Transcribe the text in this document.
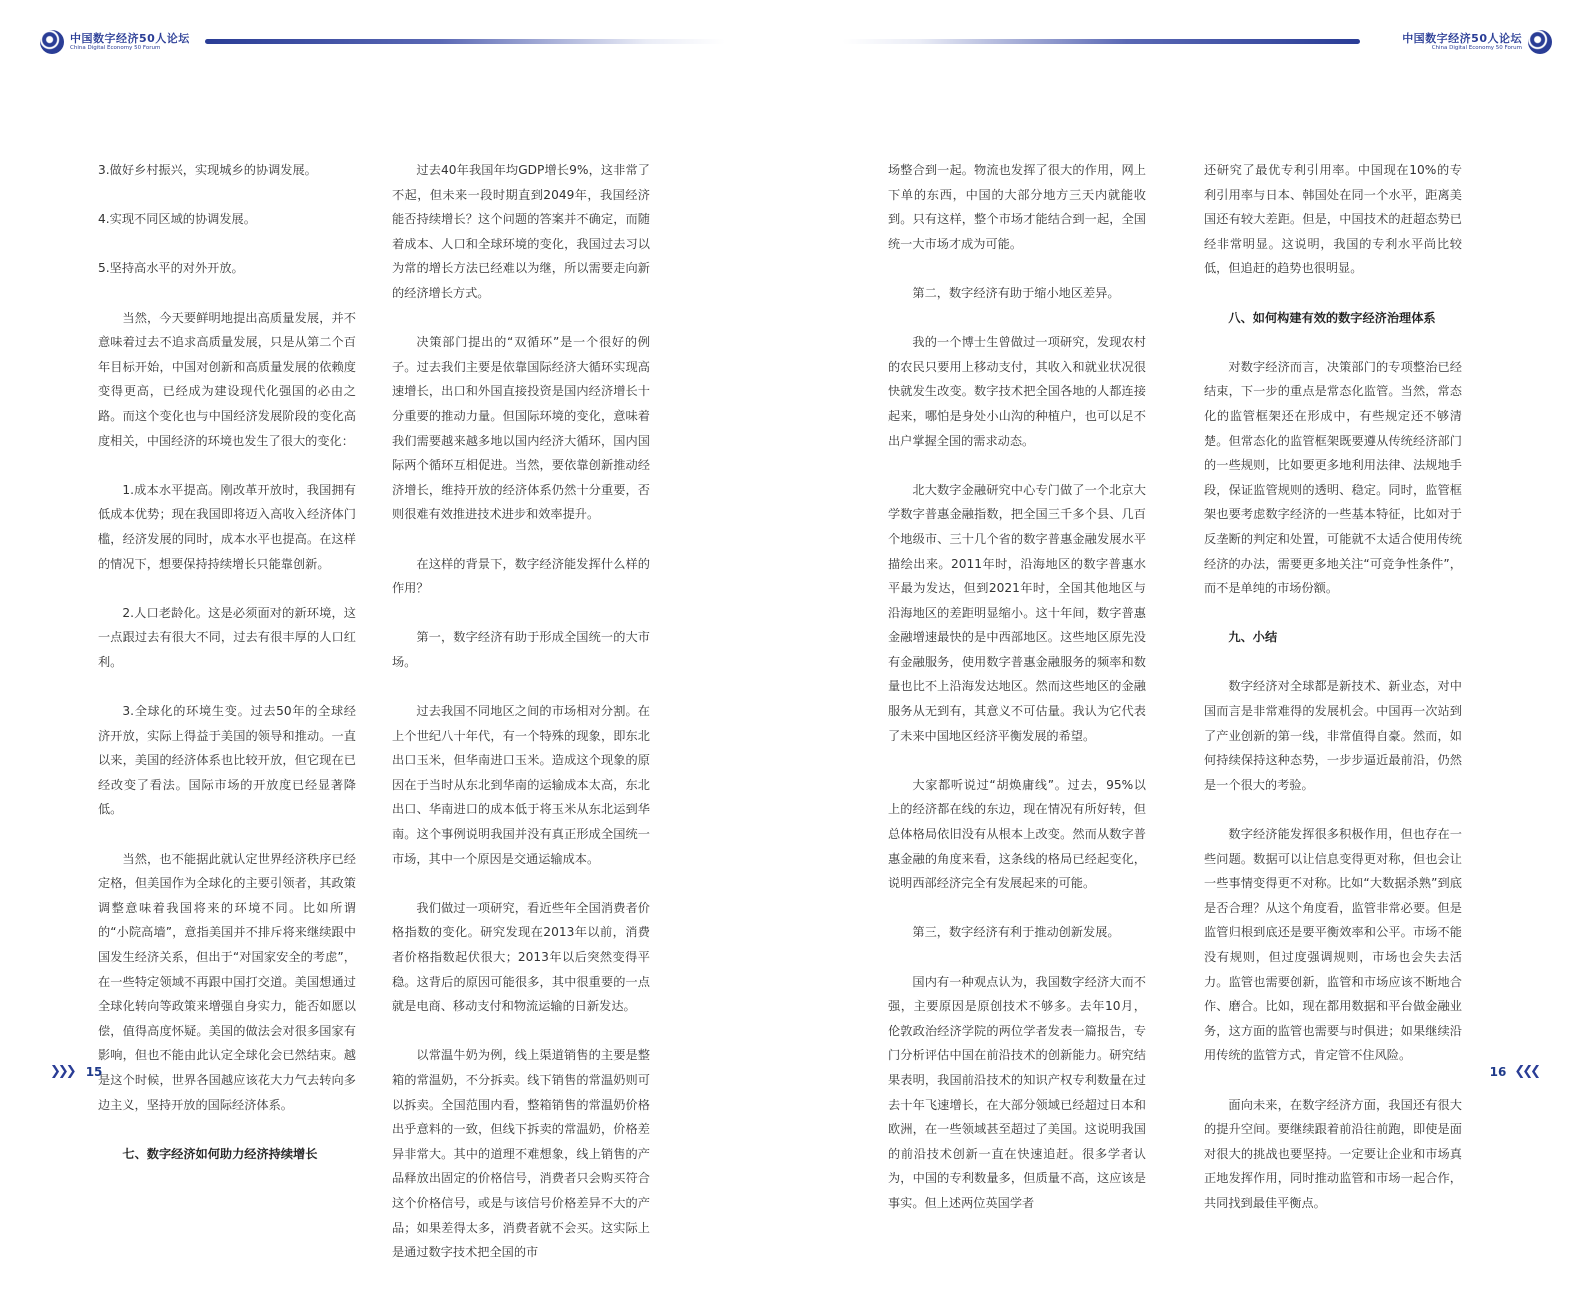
中国数字经济50人论坛
China Digital Economy 50 Forum

3.做好乡村振兴，实现城乡的协调发展。

4.实现不同区域的协调发展。

5.坚持高水平的对外开放。

当然，今天要鲜明地提出高质量发展，并不意味着过去不追求高质量发展，只是从第二个百年目标开始，中国对创新和高质量发展的依赖度变得更高，已经成为建设现代化强国的必由之路。而这个变化也与中国经济发展阶段的变化高度相关，中国经济的环境也发生了很大的变化：

1.成本水平提高。刚改革开放时，我国拥有低成本优势；现在我国即将迈入高收入经济体门槛，经济发展的同时，成本水平也提高。在这样的情况下，想要保持持续增长只能靠创新。

2.人口老龄化。这是必须面对的新环境，这一点跟过去有很大不同，过去有很丰厚的人口红利。

3.全球化的环境生变。过去50年的全球经济开放，实际上得益于美国的领导和推动。一直以来，美国的经济体系也比较开放，但它现在已经改变了看法。国际市场的开放度已经显著降低。

当然，也不能据此就认定世界经济秩序已经定格，但美国作为全球化的主要引领者，其政策调整意味着我国将来的环境不同。比如所谓的“小院高墙”，意指美国并不排斥将来继续跟中国发生经济关系，但出于“对国家安全的考虑”，在一些特定领域不再跟中国打交道。美国想通过全球化转向等政策来增强自身实力，能否如愿以偿，值得高度怀疑。美国的做法会对很多国家有影响，但也不能由此认定全球化会已然结束。越是这个时候，世界各国越应该花大力气去转向多边主义，坚持开放的国际经济体系。

七、数字经济如何助力经济持续增长

过去40年我国年均GDP增长9%，这非常了不起，但未来一段时期直到2049年，我国经济能否持续增长？这个问题的答案并不确定，而随着成本、人口和全球环境的变化，我国过去习以为常的增长方法已经难以为继，所以需要走向新的经济增长方式。

决策部门提出的“双循环”是一个很好的例子。过去我们主要是依靠国际经济大循环实现高速增长，出口和外国直接投资是国内经济增长十分重要的推动力量。但国际环境的变化，意味着我们需要越来越多地以国内经济大循环，国内国际两个循环互相促进。当然，要依靠创新推动经济增长，维持开放的经济体系仍然十分重要，否则很难有效推进技术进步和效率提升。

在这样的背景下，数字经济能发挥什么样的作用？

第一，数字经济有助于形成全国统一的大市场。

过去我国不同地区之间的市场相对分割。在上个世纪八十年代，有一个特殊的现象，即东北出口玉米，但华南进口玉米。造成这个现象的原因在于当时从东北到华南的运输成本太高，东北出口、华南进口的成本低于将玉米从东北运到华南。这个事例说明我国并没有真正形成全国统一市场，其中一个原因是交通运输成本。

我们做过一项研究，看近些年全国消费者价格指数的变化。研究发现在2013年以前，消费者价格指数起伏很大；2013年以后突然变得平稳。这背后的原因可能很多，其中很重要的一点就是电商、移动支付和物流运输的日新发达。

以常温牛奶为例，线上渠道销售的主要是整箱的常温奶，不分拆卖。线下销售的常温奶则可以拆卖。全国范围内看，整箱销售的常温奶价格出乎意料的一致，但线下拆卖的常温奶，价格差异非常大。其中的道理不难想象，线上销售的产品释放出固定的价格信号，消费者只会购买符合这个价格信号，或是与该信号价格差异不大的产品；如果差得太多，消费者就不会买。这实际上是通过数字技术把全国的市

❯❯❯ 15
中国数字经济50人论坛
China Digital Economy 50 Forum

场整合到一起。物流也发挥了很大的作用，网上下单的东西，中国的大部分地方三天内就能收到。只有这样，整个市场才能结合到一起，全国统一大市场才成为可能。

第二，数字经济有助于缩小地区差异。

我的一个博士生曾做过一项研究，发现农村的农民只要用上移动支付，其收入和就业状况很快就发生改变。数字技术把全国各地的人都连接起来，哪怕是身处小山沟的种植户，也可以足不出户掌握全国的需求动态。

北大数字金融研究中心专门做了一个北京大学数字普惠金融指数，把全国三千多个县、几百个地级市、三十几个省的数字普惠金融发展水平描绘出来。2011年时，沿海地区的数字普惠水平最为发达，但到2021年时，全国其他地区与沿海地区的差距明显缩小。这十年间，数字普惠金融增速最快的是中西部地区。这些地区原先没有金融服务，使用数字普惠金融服务的频率和数量也比不上沿海发达地区。然而这些地区的金融服务从无到有，其意义不可估量。我认为它代表了未来中国地区经济平衡发展的希望。

大家都听说过“胡焕庸线”。过去，95%以上的经济都在线的东边，现在情况有所好转，但总体格局依旧没有从根本上改变。然而从数字普惠金融的角度来看，这条线的格局已经起变化，说明西部经济完全有发展起来的可能。

第三，数字经济有利于推动创新发展。

国内有一种观点认为，我国数字经济大而不强，主要原因是原创技术不够多。去年10月，伦敦政治经济学院的两位学者发表一篇报告，专门分析评估中国在前沿技术的创新能力。研究结果表明，我国前沿技术的知识产权专利数量在过去十年飞速增长，在大部分领域已经超过日本和欧洲，在一些领域甚至超过了美国。这说明我国的前沿技术创新一直在快速追赶。很多学者认为，中国的专利数量多，但质量不高，这应该是事实。但上述两位英国学者

还研究了最优专利引用率。中国现在10%的专利引用率与日本、韩国处在同一个水平，距离美国还有较大差距。但是，中国技术的赶超态势已经非常明显。这说明，我国的专利水平尚比较低，但追赶的趋势也很明显。

八、如何构建有效的数字经济治理体系

对数字经济而言，决策部门的专项整治已经结束，下一步的重点是常态化监管。当然，常态化的监管框架还在形成中，有些规定还不够清楚。但常态化的监管框架既要遵从传统经济部门的一些规则，比如要更多地利用法律、法规地手段，保证监管规则的透明、稳定。同时，监管框架也要考虑数字经济的一些基本特征，比如对于反垄断的判定和处置，可能就不太适合使用传统经济的办法，需要更多地关注“可竞争性条件”，而不是单纯的市场份额。

九、小结

数字经济对全球都是新技术、新业态，对中国而言是非常难得的发展机会。中国再一次站到了产业创新的第一线，非常值得自豪。然而，如何持续保持这种态势，一步步逼近最前沿，仍然是一个很大的考验。

数字经济能发挥很多积极作用，但也存在一些问题。数据可以让信息变得更对称，但也会让一些事情变得更不对称。比如“大数据杀熟”到底是否合理？从这个角度看，监管非常必要。但是监管归根到底还是要平衡效率和公平。市场不能没有规则，但过度强调规则，市场也会失去活力。监管也需要创新，监管和市场应该不断地合作、磨合。比如，现在都用数据和平台做金融业务，这方面的监管也需要与时俱进；如果继续沿用传统的监管方式，肯定管不住风险。

面向未来，在数字经济方面，我国还有很大的提升空间。要继续跟着前沿往前跑，即使是面对很大的挑战也要坚持。一定要让企业和市场真正地发挥作用，同时推动监管和市场一起合作，共同找到最佳平衡点。

16 ❮❮❮
